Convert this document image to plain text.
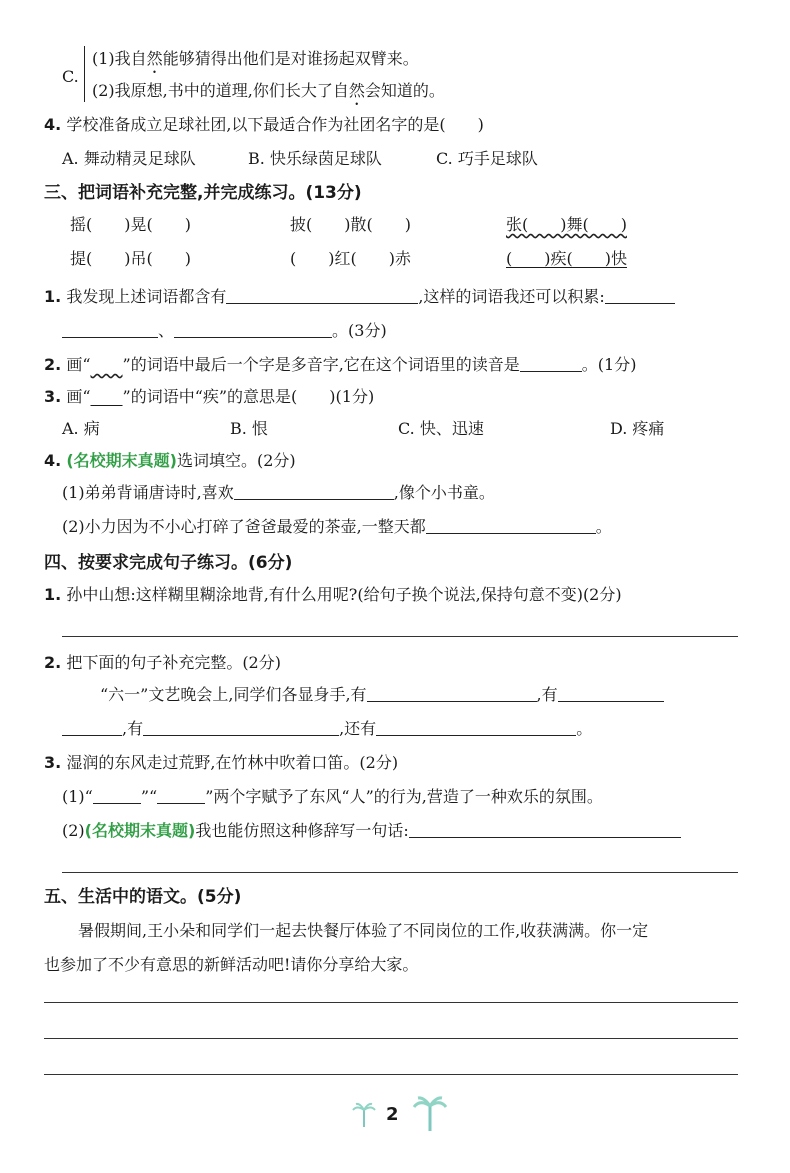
C.
(1)我自然能够猜得出他们是对谁扬起双臂来。
(2)我原想,书中的道理,你们长大了自然会知道的。
4. 学校准备成立足球社团,以下最适合作为社团名字的是(　　)
A. 舞动精灵足球队	B. 快乐绿茵足球队	C. 巧手足球队
三、把词语补充完整,并完成练习。(13分)
摇(　　)晃(　　)	披(　　)散(　　)	张(　　)舞(　　)
提(　　)吊(　　)	(　　)红(　　)赤	(　　)疾(　　)快
1. 我发现上述词语都含有	,这样的词语我还可以积累:
、	。(3分)
2. 画“　　 ”的词语中最后一个字是多音字,它在这个词语里的读音是	。(1分)
3. 画“　　 ”的词语中“疾”的意思是(　　)(1分)
A. 病	B. 恨	C. 快、迅速	D. 疼痛
4. (名校期末真题)选词填空。(2分)
(1)弟弟背诵唐诗时,喜欢	,像个小书童。
(2)小力因为不小心打碎了爸爸最爱的茶壶,一整天都	。
四、按要求完成句子练习。(6分)
1. 孙中山想:这样糊里糊涂地背,有什么用呢?(给句子换个说法,保持句意不变)(2分)
2. 把下面的句子补充完整。(2分)
“六一”文艺晚会上,同学们各显身手,有	,有
,有	,还有	。
3. 湿润的东风走过荒野,在竹林中吹着口笛。(2分)
(1)“	”“	”两个字赋予了东风“人”的行为,营造了一种欢乐的氛围。
(2)(名校期末真题)我也能仿照这种修辞写一句话:
五、生活中的语文。(5分)
暑假期间,王小朵和同学们一起去快餐厅体验了不同岗位的工作,收获满满。你一定
也参加了不少有意思的新鲜活动吧!请你分享给大家。
2
